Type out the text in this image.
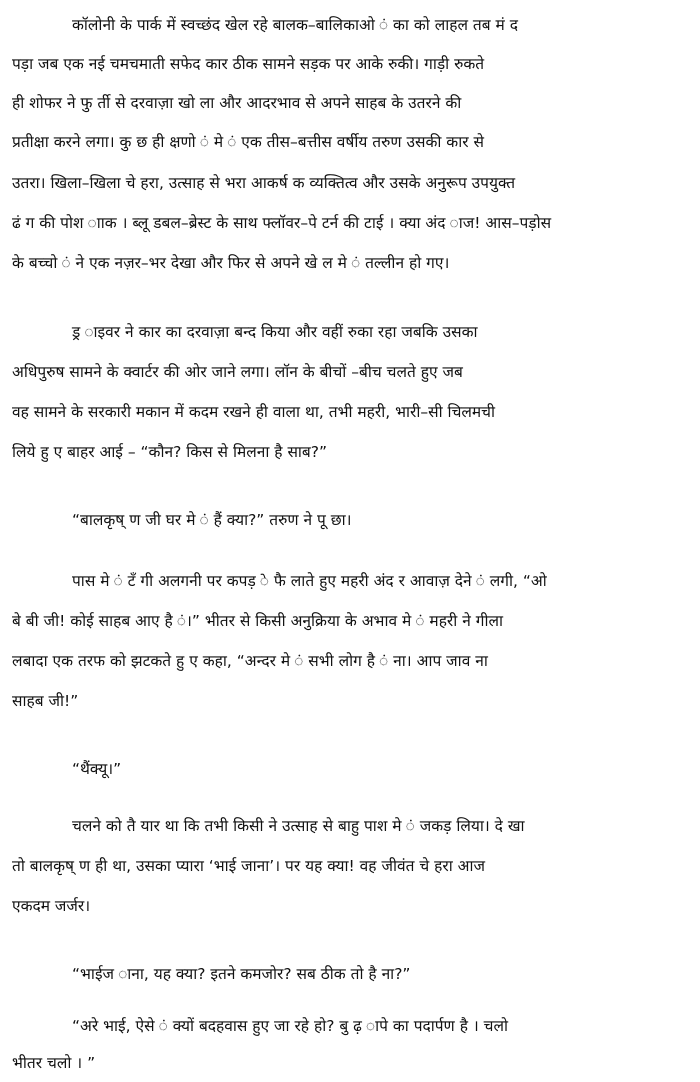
कॉलोनी के पार्क में स्वच्छंद खेल रहे बालक–बालिकाओ ं का को लाहल तब मं द
पड़ा जब एक नई चमचमाती सफेद कार ठीक सामने सड़क पर आके रुकी। गाड़ी रुकते
ही शोफर ने फु र्ती से दरवाज़ा खो ला और आदरभाव से अपने साहब के उतरने की
प्रतीक्षा करने लगा। कु छ ही क्षणो ं मे ं एक तीस–बत्तीस वर्षीय तरुण उसकी कार से
उतरा। खिला–खिला चे हरा, उत्साह से भरा आकर्ष क व्यक्तित्व और उसके अनुरूप उपयुक्त
ढं ग की पोश ााक । ब्लू डबल–ब्रेस्ट के साथ फ्लॉवर–पे टर्न की टाई । क्या अंद ाज! आस–पड़ोस
के बच्चो ं ने एक नज़र–भर देखा और फिर से अपने खे ल मे ं तल्लीन हो गए।
ड्र ाइवर ने कार का दरवाज़ा बन्द किया और वहीं रुका रहा जबकि उसका
अधिपुरुष सामने के क्वार्टर की ओर जाने लगा। लॉन के बीचों –बीच चलते हुए जब
वह सामने के सरकारी मकान में कदम रखने ही वाला था, तभी महरी, भारी–सी चिलमची
लिये हु ए बाहर आई – “कौन? किस से मिलना है साब?”
“बालकृष् ण जी घर मे ं हैं क्या?” तरुण ने पू छा।
पास मे ं टँ गी अलगनी पर कपड़ े फै लाते हुए महरी अंद र आवाज़ देने ं लगी, “ओ
बे बी जी! कोई साहब आए है ं।” भीतर से किसी अनुक्रिया के अभाव मे ं महरी ने गीला
लबादा एक तरफ को झटकते हु ए कहा, “अन्दर मे ं सभी लोग है ं ना। आप जाव ना
साहब जी!”
“थैंक्यू।”
चलने को तै यार था कि तभी किसी ने उत्साह से बाहु पाश मे ं जकड़ लिया। दे खा
तो बालकृष् ण ही था, उसका प्यारा ‘भाई जाना’। पर यह क्या! वह जीवंत चे हरा आज
एकदम जर्जर।
“भाईज ाना, यह क्या? इतने कमजोर? सब ठीक तो है ना?”
“अरे भाई, ऐसे ं क्यों बदहवास हुए जा रहे हो? बु ढ़ ापे का पदार्पण है । चलो
भीतर चलो । ”
